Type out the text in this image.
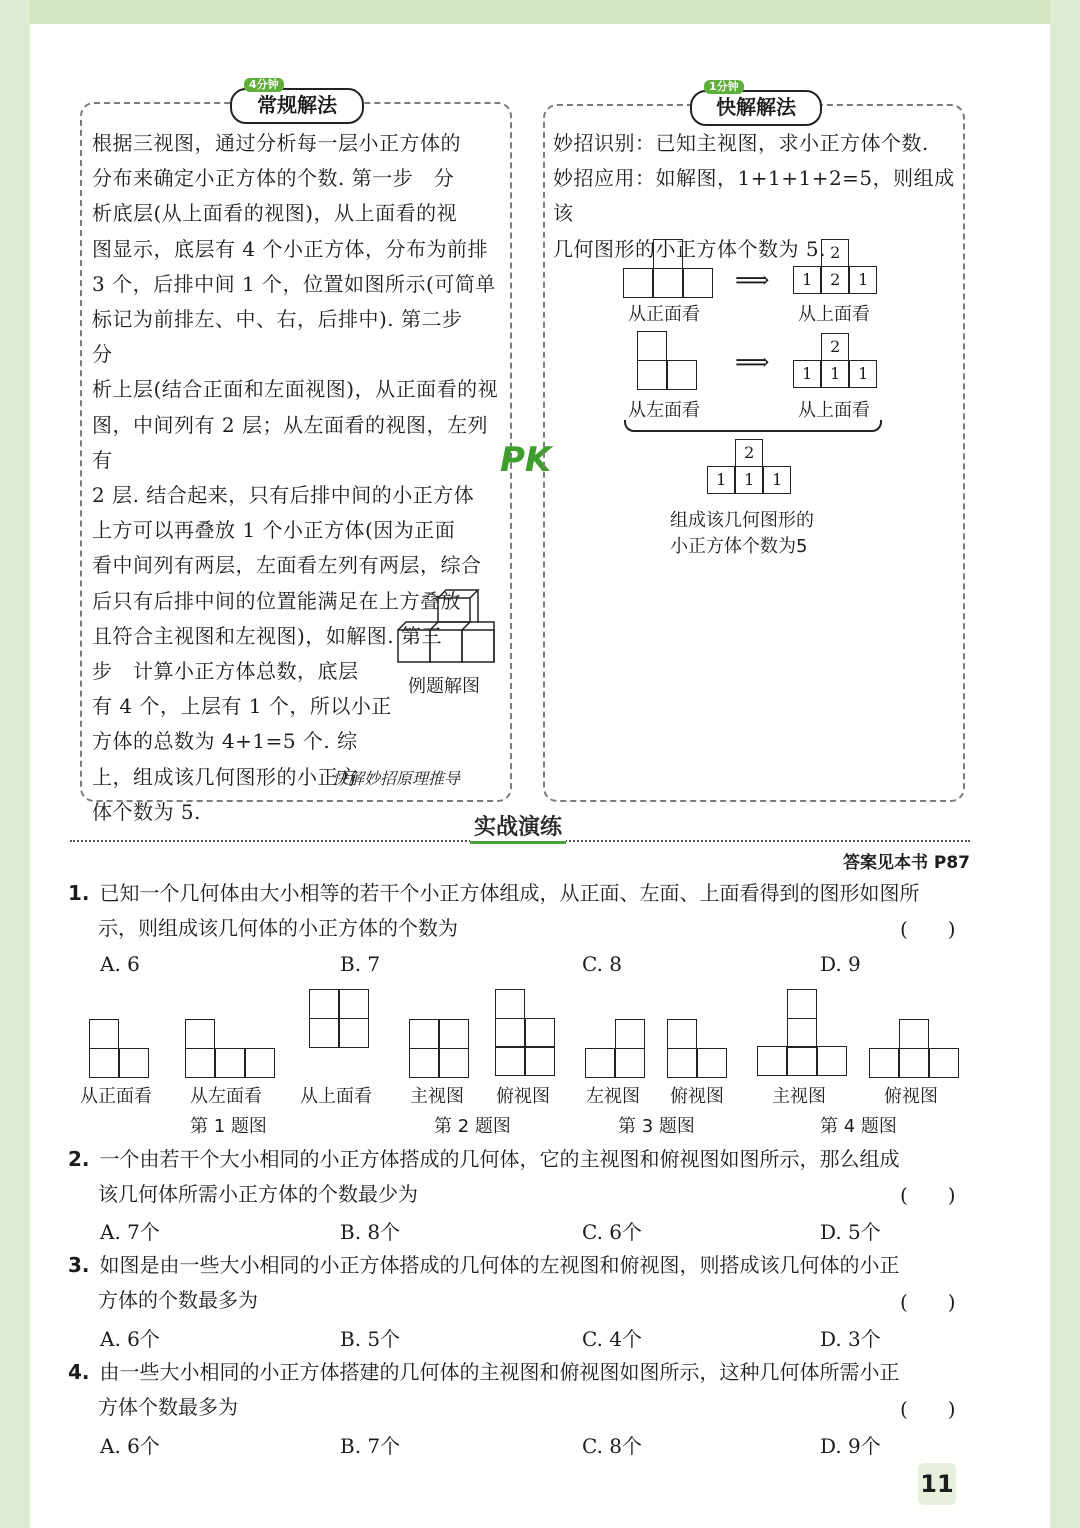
4分钟
常规解法
根据三视图，通过分析每一层小正方体的
分布来确定小正方体的个数. 第一步　分
析底层(从上面看的视图)，从上面看的视
图显示，底层有 4 个小正方体，分布为前排
3 个，后排中间 1 个，位置如图所示(可简单
标记为前排左、中、右，后排中). 第二步　分
析上层(结合正面和左面视图)，从正面看的视
图，中间列有 2 层；从左面看的视图，左列有
2 层. 结合起来，只有后排中间的小正方体
上方可以再叠放 1 个小正方体(因为正面
看中间列有两层，左面看左列有两层，综合
后只有后排中间的位置能满足在上方叠放
且符合主视图和左视图)，如解图. 第三
步　计算小正方体总数，底层
有 4 个，上层有 1 个，所以小正
方体的总数为 4+1=5 个. 综
上，组成该几何图形的小正方
体个数为 5.
例题解图
快解妙招原理推导
PK
1分钟
快解解法
妙招识别：已知主视图，求小正方体个数.
妙招应用：如解图，1+1+1+2=5，则组成该
几何图形的小正方体个数为 5.
从正面看
⟹
2
1	2	1
从上面看
从左面看
⟹
2
1	1	1
从上面看
2
1	1	1
组成该几何图形的
小正方体个数为5
实战演练
答案见本书 P87
1. 已知一个几何体由大小相等的若干个小正方体组成，从正面、左面、上面看得到的图形如图所
示，则组成该几何体的小正方体的个数为	(　　)
A. 6	B. 7	C. 8	D. 9
从正面看 从左面看 从上面看
第 1 题图
主视图 俯视图
第 2 题图
左视图 俯视图
第 3 题图
主视图	俯视图
第 4 题图
2. 一个由若干个大小相同的小正方体搭成的几何体，它的主视图和俯视图如图所示，那么组成
该几何体所需小正方体的个数最少为	(　　)
A. 7个	B. 8个	C. 6个	D. 5个
3. 如图是由一些大小相同的小正方体搭成的几何体的左视图和俯视图，则搭成该几何体的小正
方体的个数最多为	(　　)
A. 6个	B. 5个	C. 4个	D. 3个
4. 由一些大小相同的小正方体搭建的几何体的主视图和俯视图如图所示，这种几何体所需小正
方体个数最多为	(　　)
A. 6个	B. 7个	C. 8个	D. 9个
11
